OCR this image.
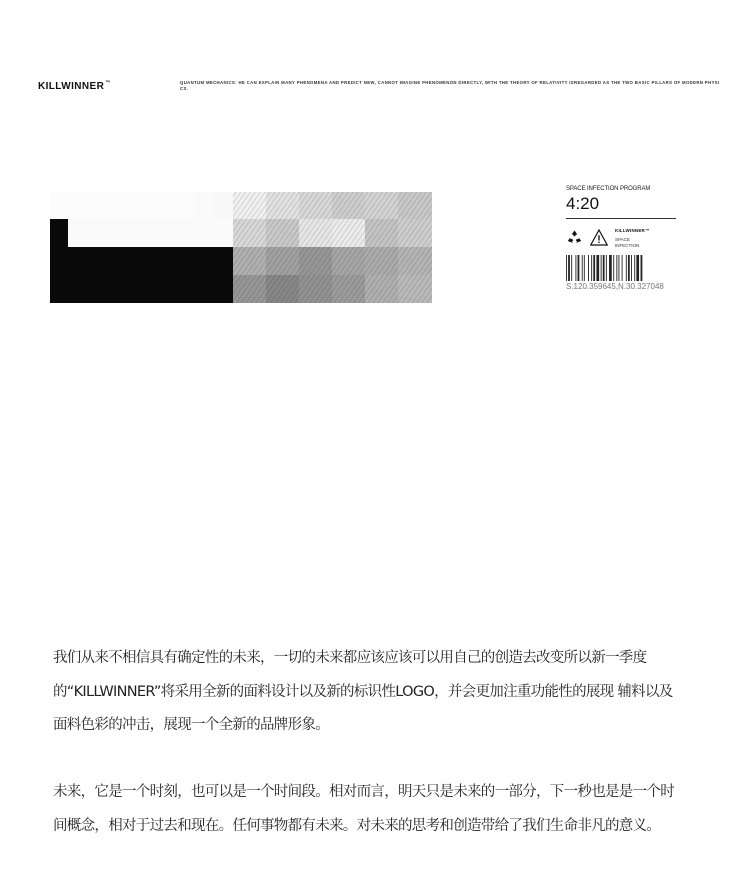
KILLWINNER™	QUANTUM MECHANICS: HE CAN EXPLAIN MANY PHENOMENA AND PREDICT NEW, CANNOT IMAGINE PHENOMENON DIRECTLY, WITH THE THEORY OF RELATIVITY ISREGARDED AS THE TWO BASIC PILLARS OF MODERN PHYSICS.
SPACE INFECTION PROGRAM
4:20
KILLWINNER™
SPACE
INFECTION
S.120.359645,N.30.327048

我们从来不相信具有确定性的未来，一切的未来都应该应该可以用自己的创造去改变所以新一季度的“KILLWINNER”将采用全新的面料设计以及新的标识性LOGO，并会更加注重功能性的展现 辅料以及面料色彩的冲击，展现一个全新的品牌形象。

未来，它是一个时刻，也可以是一个时间段。相对而言，明天只是未来的一部分，下一秒也是是一个时间概念，相对于过去和现在。任何事物都有未来。对未来的思考和创造带给了我们生命非凡的意义。
